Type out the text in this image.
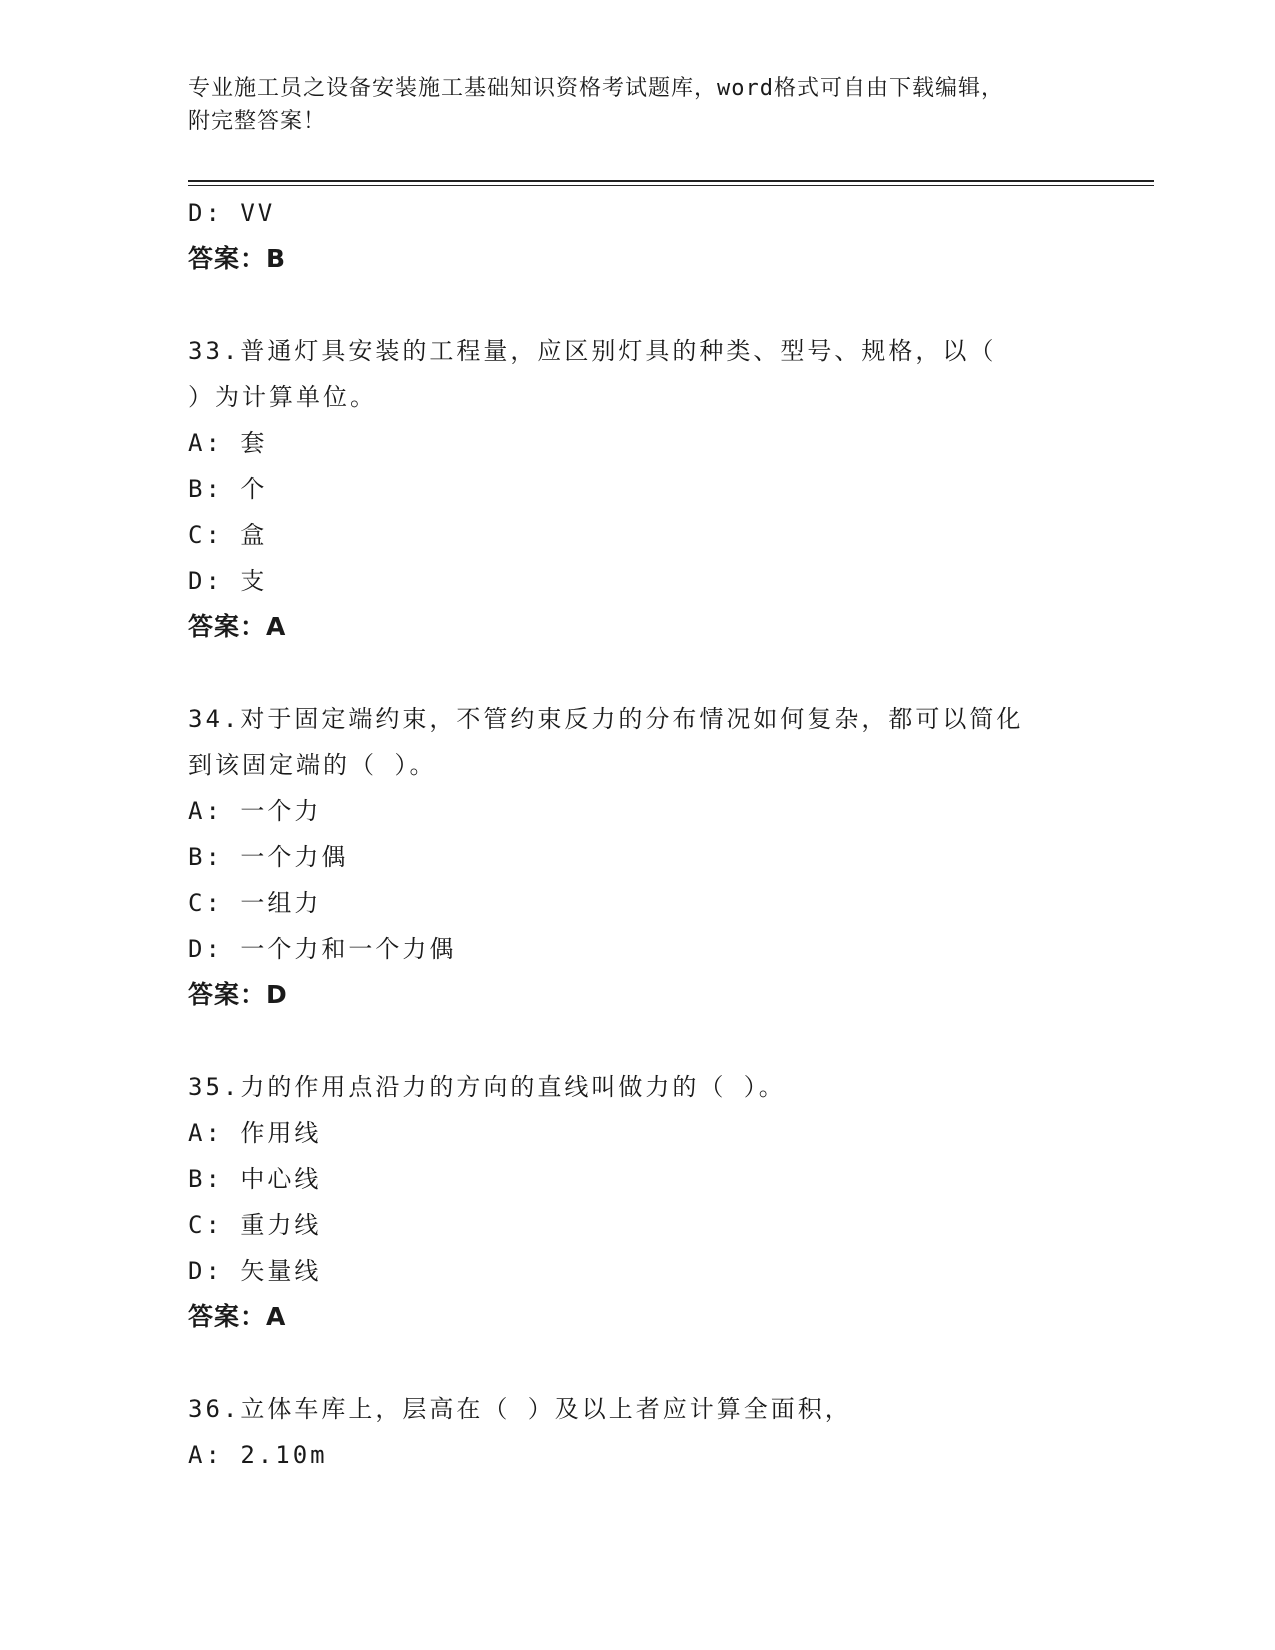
专业施工员之设备安装施工基础知识资格考试题库，word格式可自由下载编辑，
附完整答案！
D: VV
答案：B
33.普通灯具安装的工程量，应区别灯具的种类、型号、规格，以（
）为计算单位。
A: 套
B: 个
C: 盒
D: 支
答案：A
34.对于固定端约束，不管约束反力的分布情况如何复杂，都可以简化
到该固定端的（ ）。
A: 一个力
B: 一个力偶
C: 一组力
D: 一个力和一个力偶
答案：D
35.力的作用点沿力的方向的直线叫做力的（ ）。
A: 作用线
B: 中心线
C: 重力线
D: 矢量线
答案：A
36.立体车库上，层高在（ ）及以上者应计算全面积，
A: 2.10m
